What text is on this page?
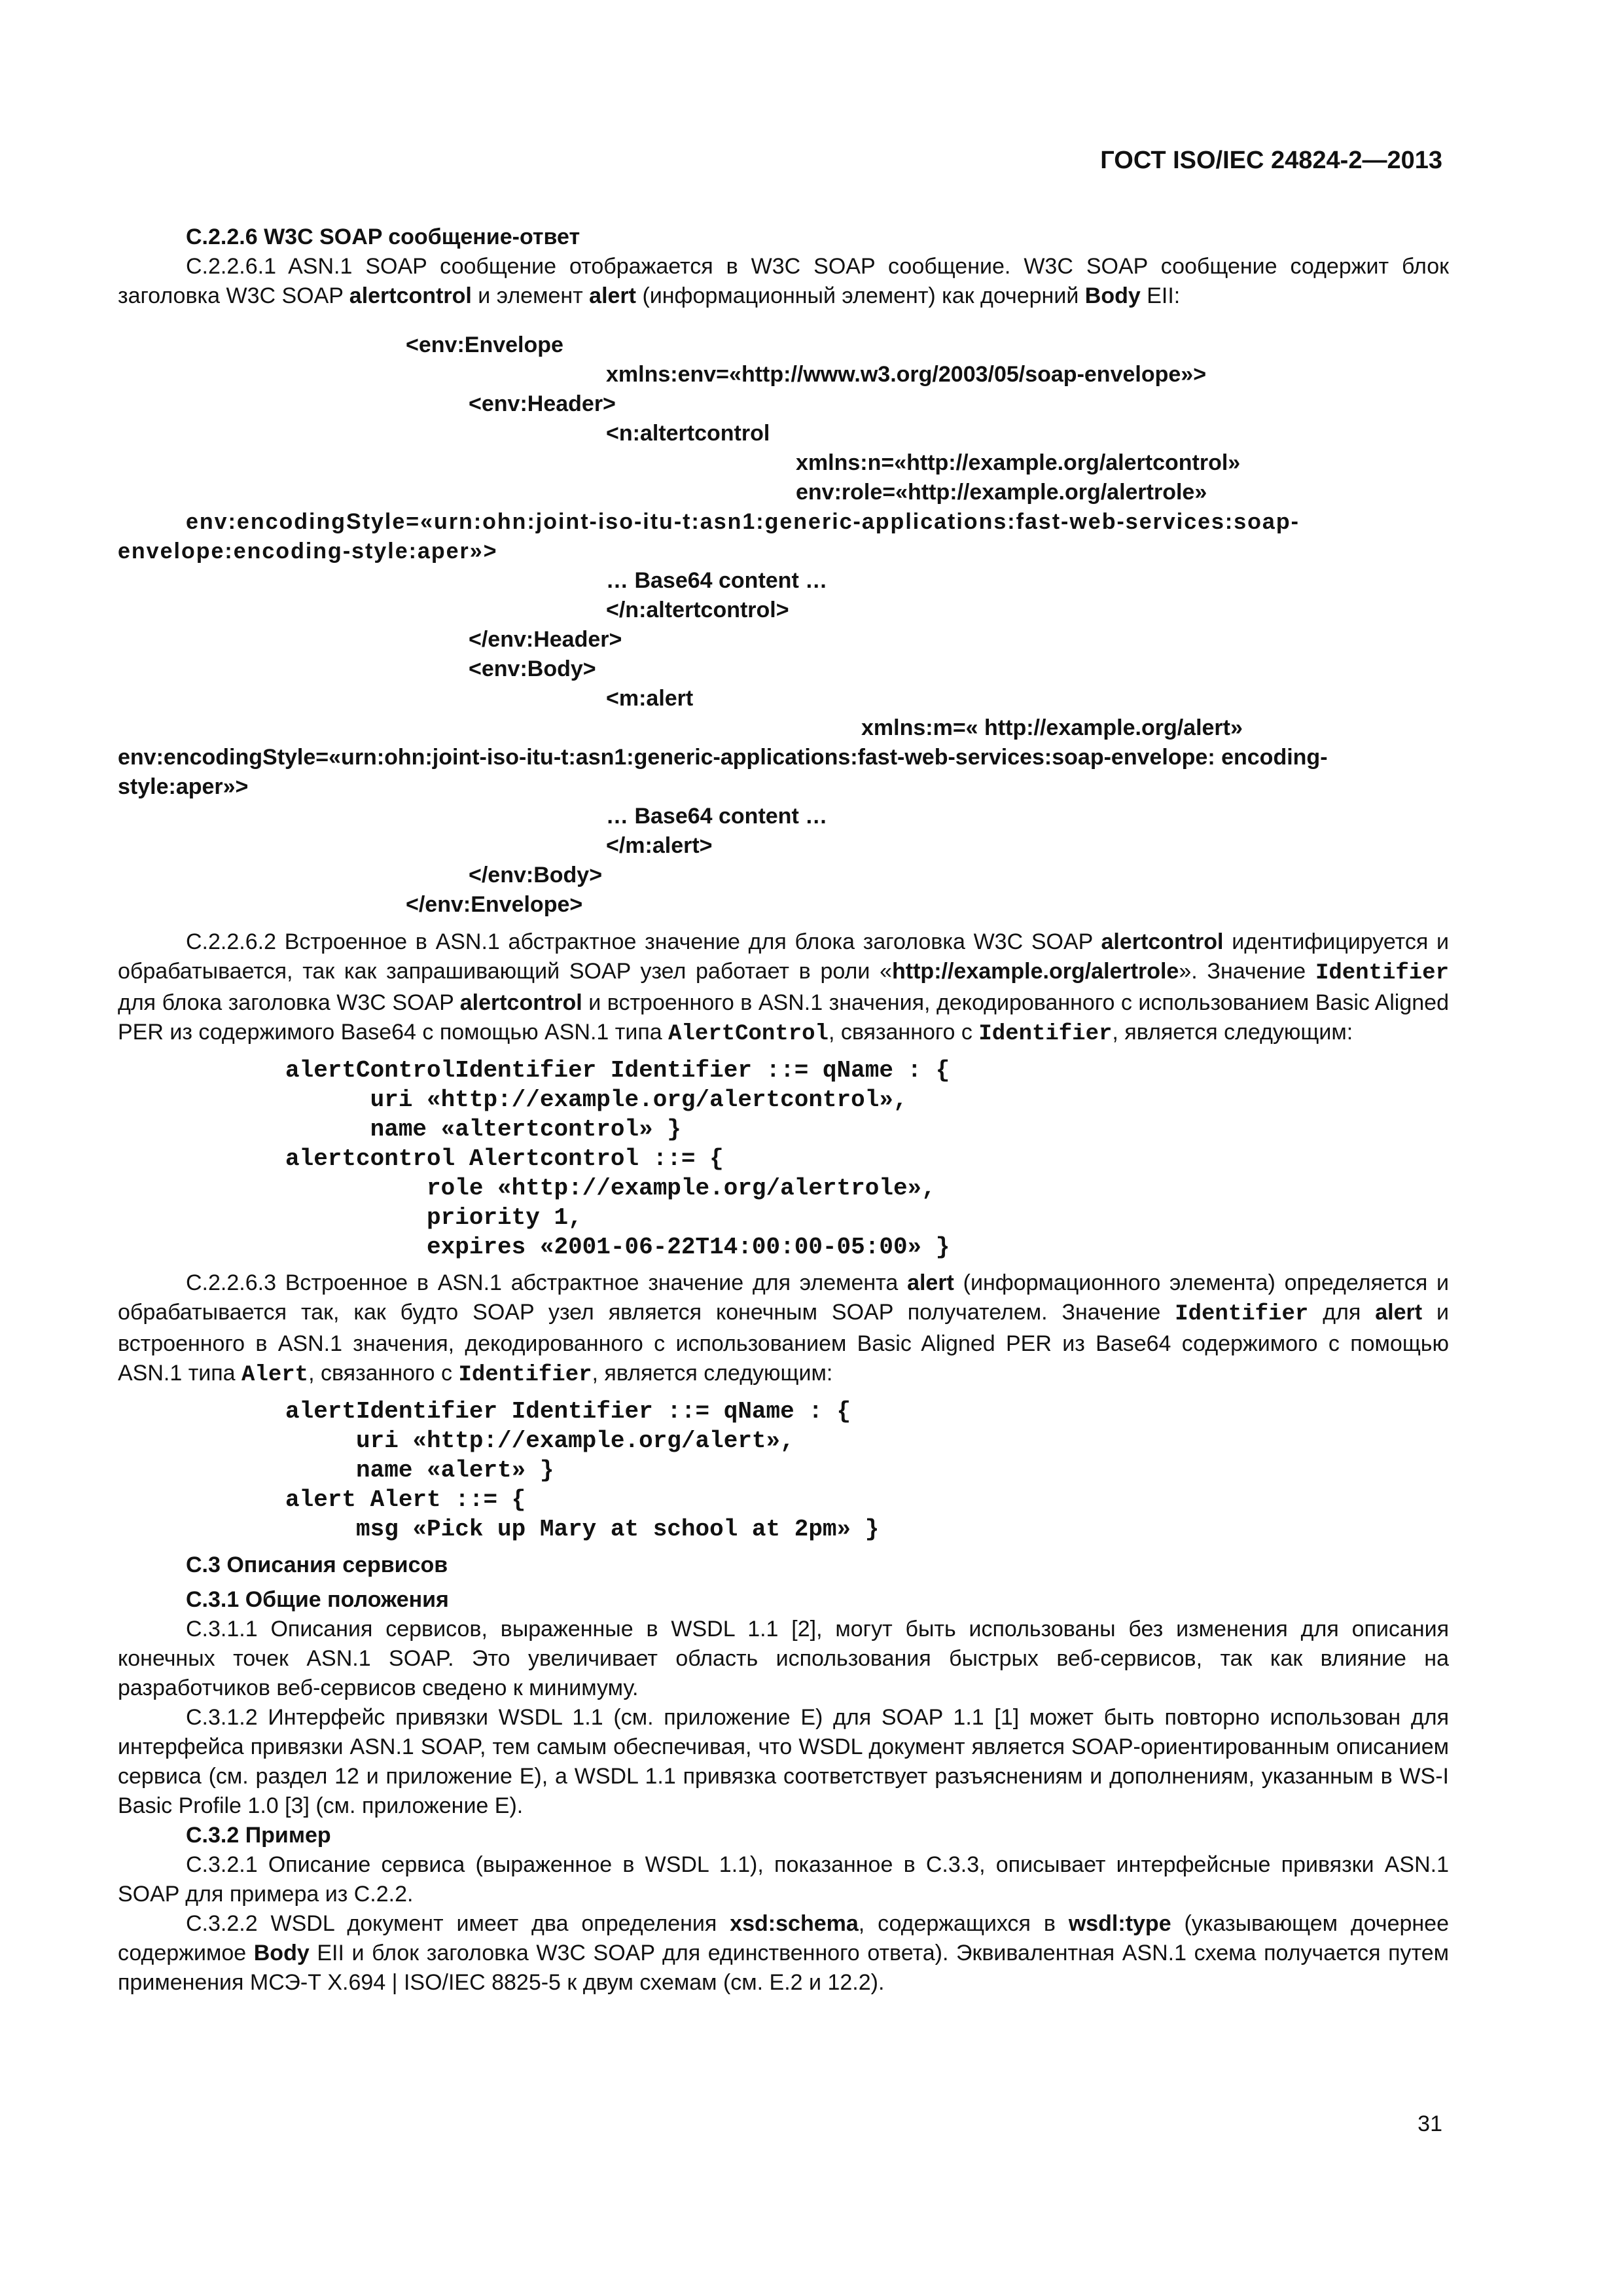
ГОСТ ISO/IEC 24824-2—2013

С.2.2.6 W3C SOAP сообщение-ответ

C.2.2.6.1 ASN.1 SOAP сообщение отображается в W3C SOAP сообщение. W3C SOAP сообщение содержит блок заголовка W3C SOAP alertcontrol и элемент alert (информационный элемент) как дочерний Body EII:

<env:Envelope
xmlns:env=«http://www.w3.org/2003/05/soap-envelope»>
<env:Header>
<n:altertcontrol
xmlns:n=«http://example.org/alertcontrol»
env:role=«http://example.org/alertrole»
env:encodingStyle=«urn:ohn:joint-iso-itu-t:asn1:generic-applications:fast-web-services:soap-envelope:encoding-style:aper»>
… Base64 content …
</n:altertcontrol>
</env:Header>
<env:Body>
<m:alert
xmlns:m=« http://example.org/alert»
env:encodingStyle=«urn:ohn:joint-iso-itu-t:asn1:generic-applications:fast-web-services:soap-envelope: encoding-style:aper»>
… Base64 content …
</m:alert>
</env:Body>
</env:Envelope>

C.2.2.6.2 Встроенное в ASN.1 абстрактное значение для блока заголовка W3C SOAP alertcontrol идентифицируется и обрабатывается, так как запрашивающий SOAP узел работает в роли «http://example.org/alertrole». Значение Identifier для блока заголовка W3C SOAP alertcontrol и встроенного в ASN.1 значения, декодированного с использованием Basic Aligned PER из содержимого Base64 с помощью ASN.1 типа AlertControl, связанного с Identifier, является следующим:

alertControlIdentifier Identifier ::= qName : {
uri «http://example.org/alertcontrol»,
name «altertcontrol» }
alertcontrol Alertcontrol ::= {
role «http://example.org/alertrole»,
priority 1,
expires «2001-06-22T14:00:00-05:00» }

C.2.2.6.3 Встроенное в ASN.1 абстрактное значение для элемента alert (информационного элемента) определяется и обрабатывается так, как будто SOAP узел является конечным SOAP получателем. Значение Identifier для alert и встроенного в ASN.1 значения, декодированного с использованием Basic Aligned PER из Base64 содержимого с помощью ASN.1 типа Alert, связанного с Identifier, является следующим:

alertIdentifier Identifier ::= qName : {
uri «http://example.org/alert»,
name «alert» }
alert Alert ::= {
msg «Pick up Mary at school at 2pm» }

С.3 Описания сервисов

С.3.1 Общие положения

С.3.1.1 Описания сервисов, выраженные в WSDL 1.1 [2], могут быть использованы без изменения для описания конечных точек ASN.1 SOAP. Это увеличивает область использования быстрых веб-сервисов, так как влияние на разработчиков веб-сервисов сведено к минимуму.

С.3.1.2 Интерфейс привязки WSDL 1.1 (см. приложение Е) для SOAP 1.1 [1] может быть повторно использован для интерфейса привязки ASN.1 SOAP, тем самым обеспечивая, что WSDL документ является SOAP-ориентированным описанием сервиса (см. раздел 12 и приложение Е), а WSDL 1.1 привязка соответствует разъяснениям и дополнениям, указанным в WS-I Basic Profile 1.0 [3] (см. приложение Е).

С.3.2 Пример

С.3.2.1 Описание сервиса (выраженное в WSDL 1.1), показанное в С.3.3, описывает интерфейсные привязки ASN.1 SOAP для примера из С.2.2.

С.3.2.2 WSDL документ имеет два определения xsd:schema, содержащихся в wsdl:type (указывающем дочернее содержимое Body EII и блок заголовка W3C SOAP для единственного ответа). Эквивалентная ASN.1 схема получается путем применения МСЭ-Т X.694 | ISO/IEC 8825-5 к двум схемам (см. Е.2 и 12.2).

31
